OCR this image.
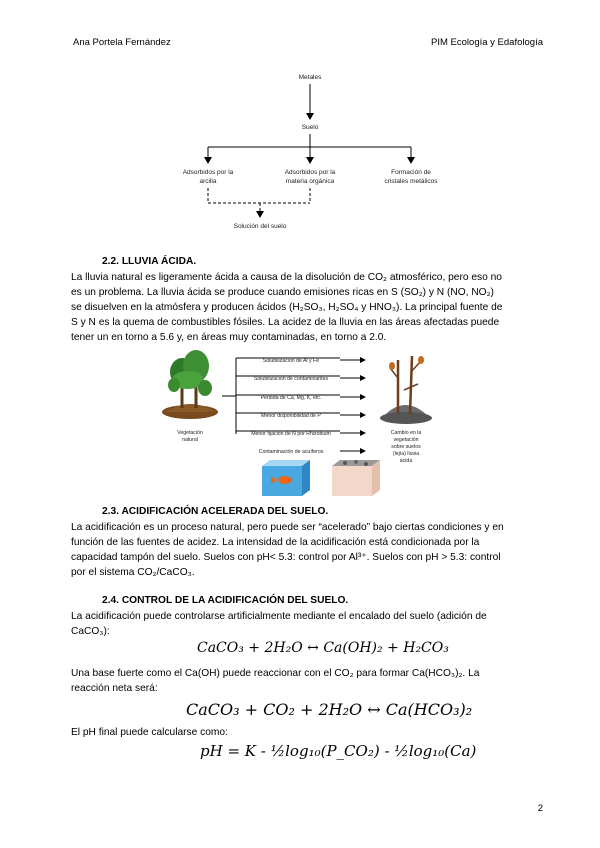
Ana Portela Fernández	PIM Ecología y Edafología
Metales
Suelo
Adsorbidos por la
arcilla
Adsorbidos por la
materia orgánica
Formación de
cristales metálicos
Solución del suelo
2.2. LLUVIA ÁCIDA.
La lluvia natural es ligeramente ácida a causa de la disolución de CO₂ atmosférico, pero eso no
es un problema. La lluvia ácida se produce cuando emisiones ricas en S (SO₂) y N (NO, NO₂)
se disuelven en la atmósfera y producen ácidos (H₂SO₃, H₂SO₄ y HNO₃). La principal fuente de
S y N es la quema de combustibles fósiles. La acidez de la lluvia en las áreas afectadas puede
tener un en torno a 5.6 y, en áreas muy contaminadas, en torno a 2.0.
Vegetación
natural
Solubilización de Al y Fe
Solubilización de contaminantes
Pérdida de Ca, Mg, K, etc.
Menor disponibilidad de P
Menor fijación de N por Rhizobium
Contaminación de acuíferos
Cambio en la
vegetación
sobre suelos
(lejía) lluvia
ácida
2.3. ACIDIFICACIÓN ACELERADA DEL SUELO.
La acidificación es un proceso natural, pero puede ser “acelerado” bajo ciertas condiciones y en
función de las fuentes de acidez. La intensidad de la acidificación está condicionada por la
capacidad tampón del suelo. Suelos con pH< 5.3: control por Al³⁺. Suelos con pH > 5.3: control
por el sistema CO₂/CaCO₃.
2.4. CONTROL DE LA ACIDIFICACIÓN DEL SUELO.
La acidificación puede controlarse artificialmente mediante el encalado del suelo (adición de
CaCO₃):
CaCO₃ + 2H₂O ↔ Ca(OH)₂ + H₂CO₃
Una base fuerte como el Ca(OH) puede reaccionar con el CO₂ para formar Ca(HCO₃)₂. La
reacción neta será:
CaCO₃ + CO₂ + 2H₂O ↔ Ca(HCO₃)₂
El pH final puede calcularse como:
pH = K - ½log₁₀(P_CO₂) - ½log₁₀(Ca)
2
